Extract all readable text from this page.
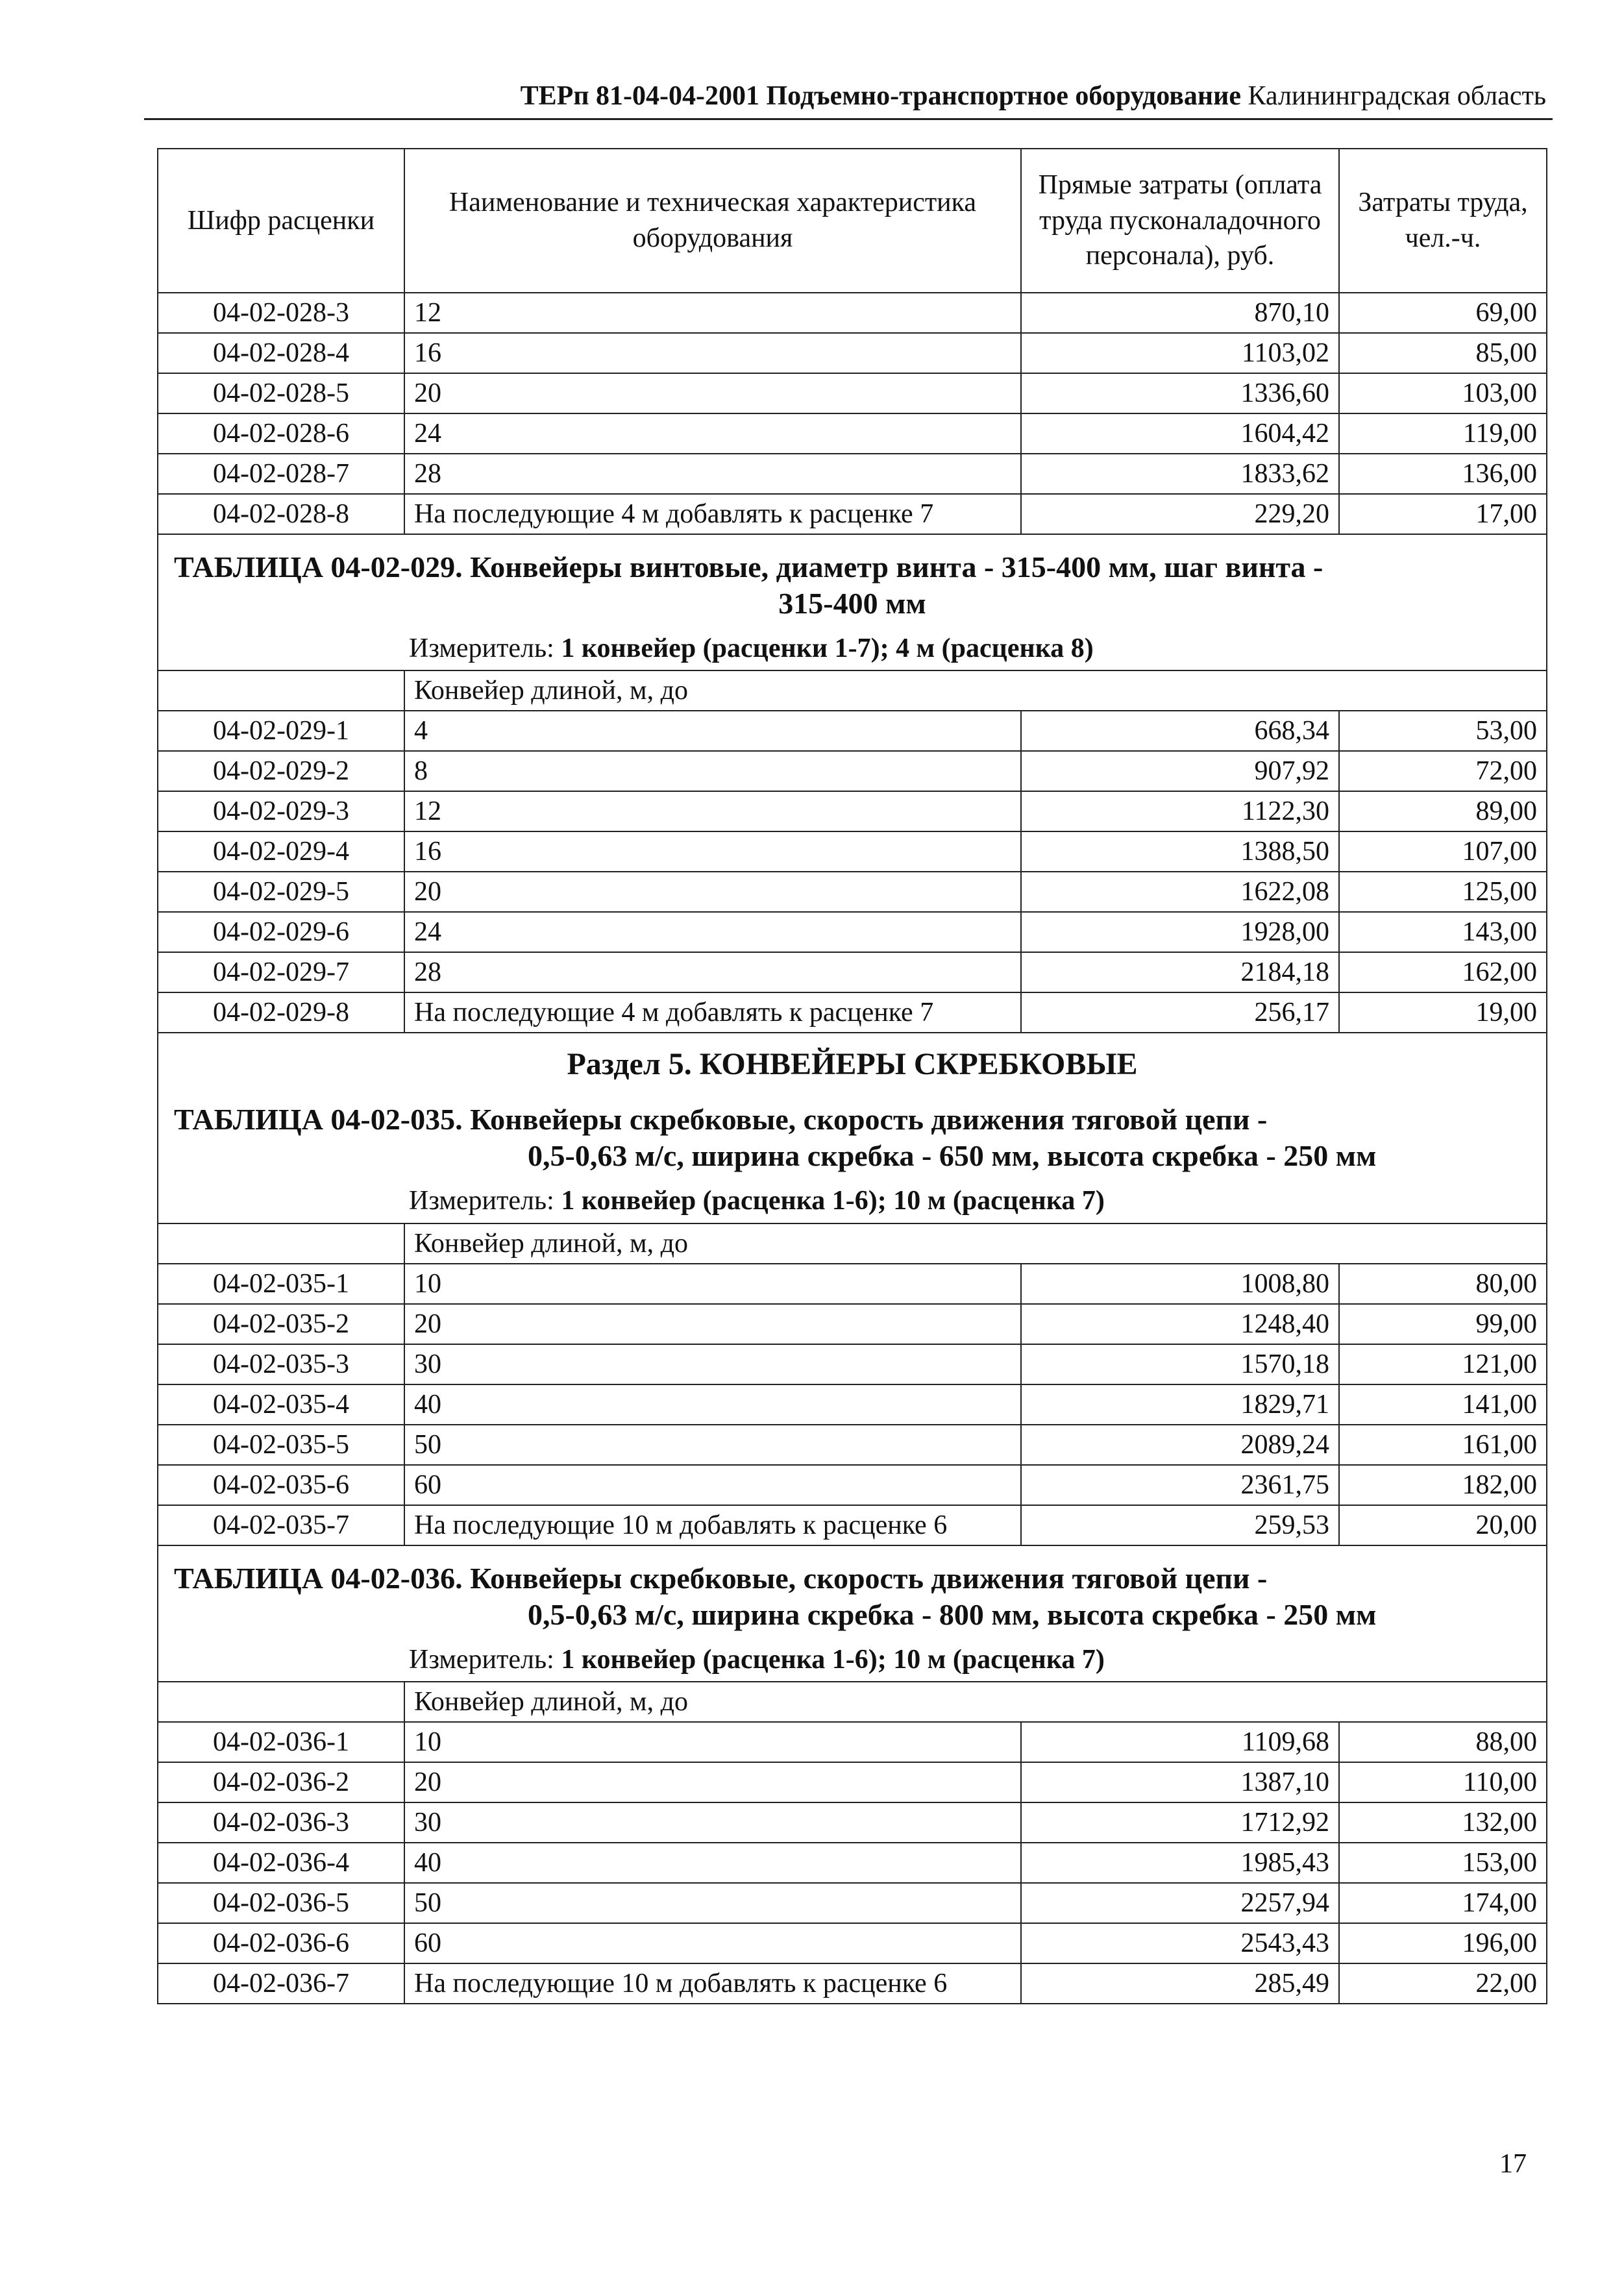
ТЕРп 81-04-04-2001 Подъемно-транспортное оборудование Калининградская область
Шифр расценки	Наименование и техническая характеристика оборудования	Прямые затраты (оплата труда пусконаладочного персонала), руб.	Затраты труда, чел.-ч.
04-02-028-3	12	870,10	69,00
04-02-028-4	16	1103,02	85,00
04-02-028-5	20	1336,60	103,00
04-02-028-6	24	1604,42	119,00
04-02-028-7	28	1833,62	136,00
04-02-028-8	На последующие 4 м добавлять к расценке 7	229,20	17,00

ТАБЛИЦА 04-02-029. Конвейеры винтовые, диаметр винта - 315-400 мм, шаг винта -
315-400 мм
Измеритель: 1 конвейер (расценки 1-7); 4 м (расценка 8)			

	Конвейер длиной, м, до		
04-02-029-1	4	668,34	53,00
04-02-029-2	8	907,92	72,00
04-02-029-3	12	1122,30	89,00
04-02-029-4	16	1388,50	107,00
04-02-029-5	20	1622,08	125,00
04-02-029-6	24	1928,00	143,00
04-02-029-7	28	2184,18	162,00
04-02-029-8	На последующие 4 м добавлять к расценке 7	256,17	19,00

Раздел 5. КОНВЕЙЕРЫ СКРЕБКОВЫЕ
ТАБЛИЦА 04-02-035. Конвейеры скребковые, скорость движения тяговой цепи -
0,5-0,63 м/с, ширина скребка - 650 мм, высота скребка - 250 мм
Измеритель: 1 конвейер (расценка 1-6); 10 м (расценка 7)			

	Конвейер длиной, м, до		
04-02-035-1	10	1008,80	80,00
04-02-035-2	20	1248,40	99,00
04-02-035-3	30	1570,18	121,00
04-02-035-4	40	1829,71	141,00
04-02-035-5	50	2089,24	161,00
04-02-035-6	60	2361,75	182,00
04-02-035-7	На последующие 10 м добавлять к расценке 6	259,53	20,00

ТАБЛИЦА 04-02-036. Конвейеры скребковые, скорость движения тяговой цепи -
0,5-0,63 м/с, ширина скребка - 800 мм, высота скребка - 250 мм
Измеритель: 1 конвейер (расценка 1-6); 10 м (расценка 7)			

	Конвейер длиной, м, до		
04-02-036-1	10	1109,68	88,00
04-02-036-2	20	1387,10	110,00
04-02-036-3	30	1712,92	132,00
04-02-036-4	40	1985,43	153,00
04-02-036-5	50	2257,94	174,00
04-02-036-6	60	2543,43	196,00
04-02-036-7	На последующие 10 м добавлять к расценке 6	285,49	22,00
17
